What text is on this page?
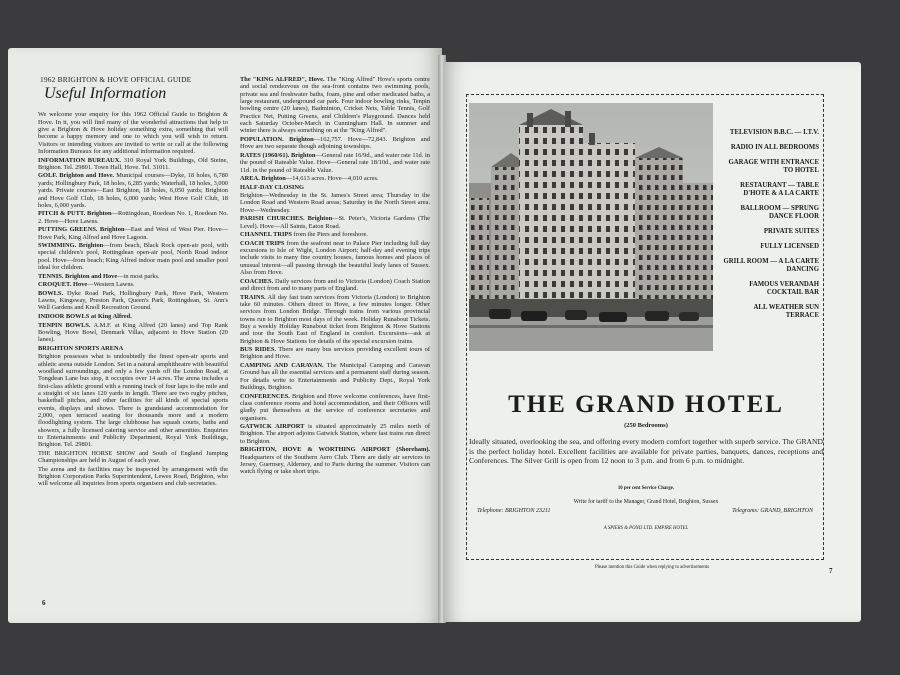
1962 BRIGHTON & HOVE OFFICIAL GUIDE
Useful Information

We welcome your enquiry for this 1962 Official Guide to Brighton & Hove. In it, you will find many of the wonderful attractions that help to give a Brighton & Hove holiday something extra, something that will become a happy memory and one to which you will wish to return. Visitors or intending visitors are invited to write or call at the following Information Bureaux for any additional information required.

INFORMATION BUREAUX. 310 Royal York Buildings, Old Steine, Brighton. Tel. 29801. Town Hall, Hove. Tel. 31011.

GOLF. Brighton and Hove. Municipal courses—Dyke, 18 holes, 6,780 yards; Hollingbury Park, 18 holes, 6,285 yards; Waterhall, 18 holes, 3,000 yards. Private courses—East Brighton, 18 holes, 6,050 yards; Brighton and Hove Golf Club, 18 holes, 6,000 yards; West Hove Golf Club, 18 holes, 6,000 yards.

PITCH & PUTT. Brighton—Rottingdean, Roedean No. 1, Roedean No. 2. Hove—Hove Lawns.

PUTTING GREENS. Brighton—East and West of West Pier. Hove—Hove Park, King Alfred and Hove Lagoon.

SWIMMING. Brighton—from beach, Black Rock open-air pool, with special children's pool, Rottingdean open-air pool, North Road indoor pool. Hove—from beach; King Alfred indoor main pool and smaller pool ideal for children.

TENNIS. Brighton and Hove—in most parks.

CROQUET. Hove—Western Lawns.

BOWLS. Dyke Road Park, Hollingbury Park, Hove Park, Western Lawns, Kingsway, Preston Park, Queen's Park, Rottingdean, St. Ann's Well Gardens and Knoll Recreation Ground.

INDOOR BOWLS at King Alfred.

TENPIN BOWLS. A.M.F. at King Alfred (20 lanes) and Top Rank Bowling, Hove Bowl, Denmark Villas, adjacent to Hove Station (20 lanes).

BRIGHTON SPORTS ARENA

Brighton possesses what is undoubtedly the finest open-air sports and athletic arena outside London. Set in a natural amphitheatre with beautiful woodland surroundings, and only a few yards off the London Road, at Tongdean Lane bus stop, it occupies over 14 acres. The arena includes a first-class athletic ground with a running track of four laps to the mile and a straight of six lanes 120 yards in length. There are two rugby pitches, basketball pitches, and other facilities for all kinds of special sports events, displays and shows. There is grandstand accommodation for 2,000, open terraced seating for thousands more and a modern floodlighting system. The large clubhouse has squash courts, baths and showers, a fully licensed catering service and other amenities. Enquiries to Entertainments and Publicity Department, Royal York Buildings, Brighton. Tel. 29801.

THE BRIGHTON HORSE SHOW and South of England Jumping Championships are held in August of each year.

The arena and its facilities may be inspected by arrangement with the Brighton Corporation Parks Superintendent, Lewes Road, Brighton, who will welcome all inquiries from sports organisers and club secretaries.

The "KING ALFRED", Hove. The "King Alfred" Hove's sports centre and social rendezvous on the sea-front contains two swimming pools, private sea and freshwater baths, foam, pine and other medicated baths, a large restaurant, underground car park. Four indoor bowling rinks, Tenpin bowling centre (20 lanes), Badminton, Cricket Nets, Table Tennis, Golf Practice Net, Putting Greens, and Children's Playground. Dances held each Saturday October-March in Cunningham Hall. In summer and winter there is always something on at the "King Alfred".

POPULATION. Brighton—162,757. Hove—72,843. Brighton and Hove are two separate though adjoining townships.

RATES (1960/61). Brighton—General rate 16/9d., and water rate 11d. in the pound of Rateable Value. Hove—General rate 18/10d., and water rate 11d. in the pound of Rateable Value.

AREA. Brighton—14,613 acres. Hove—4,010 acres.

HALF-DAY CLOSING

Brighton—Wednesday in the St. James's Street area; Thursday in the London Road and Western Road areas; Saturday in the North Street area. Hove—Wednesday.

PARISH CHURCHES. Brighton—St. Peter's, Victoria Gardens (The Level). Hove—All Saints, Eaton Road.

CHANNEL TRIPS from the Piers and foreshore.

COACH TRIPS from the seafront near to Palace Pier including full day excursions to Isle of Wight, London Airport; half-day and evening trips include visits to many fine country houses, famous homes and places of unusual interest—all passing through the beautiful leafy lanes of Sussex. Also from Hove.

COACHES. Daily services from and to Victoria (London) Coach Station and direct from and to many parts of England.

TRAINS. All day fast train services from Victoria (London) to Brighton take 60 minutes. Others direct to Hove, a few minutes longer. Other services from London Bridge. Through trains from various provincial towns run to Brighton most days of the week. Holiday Runabout Tickets. Buy a weekly Holiday Runabout ticket from Brighton & Hove Stations and tour the South East of England in comfort. Excursions—ask at Brighton & Hove Stations for details of the special excursion trains.

BUS RIDES. There are many bus services providing excellent tours of Brighton and Hove.

CAMPING AND CARAVAN. The Municipal Camping and Caravan Ground has all the essential services and a permanent staff during season. For details write to Entertainments and Publicity Dept., Royal York Buildings, Brighton.

CONFERENCES. Brighton and Hove welcome conferences, have first-class conference rooms and hotel accommodation, and their Officers will gladly put themselves at the service of conference secretaries and organisers.

GATWICK AIRPORT is situated approximately 25 miles north of Brighton. The airport adjoins Gatwick Station, where fast trains run direct to Brighton.

BRIGHTON, HOVE & WORTHING AIRPORT (Shoreham). Headquarters of the Southern Aero Club. There are daily air services to Jersey, Guernsey, Alderney, and to Paris during the summer. Visitors can watch flying or take short trips.

6
TELEVISION B.B.C. — I.T.V.
RADIO IN ALL BEDROOMS
GARAGE WITH ENTRANCE TO HOTEL
RESTAURANT — TABLE D'HOTE & A LA CARTE
BALLROOM — SPRUNG DANCE FLOOR
PRIVATE SUITES
FULLY LICENSED
GRILL ROOM — A LA CARTE DANCING
FAMOUS VERANDAH COCKTAIL BAR
ALL WEATHER SUN TERRACE
THE GRAND HOTEL
(250 Bedrooms)
Ideally situated, overlooking the sea, and offering every modern comfort together with superb service. The GRAND is the perfect holiday hotel. Excellent facilities are available for private parties, banquets, dances, receptions and Conferences. The Silver Grill is open from 12 noon to 3 p.m. and from 6 p.m. to midnight.
10 per cent Service Charge.
Write for tariff to the Manager, Grand Hotel, Brighton, Sussex
Telephone: BRIGHTON 23211	Telegrams: GRAND, BRIGHTON
A SPIERS & POND LTD. EMPIRE HOTEL
Please mention this Guide when replying to advertisements	7
